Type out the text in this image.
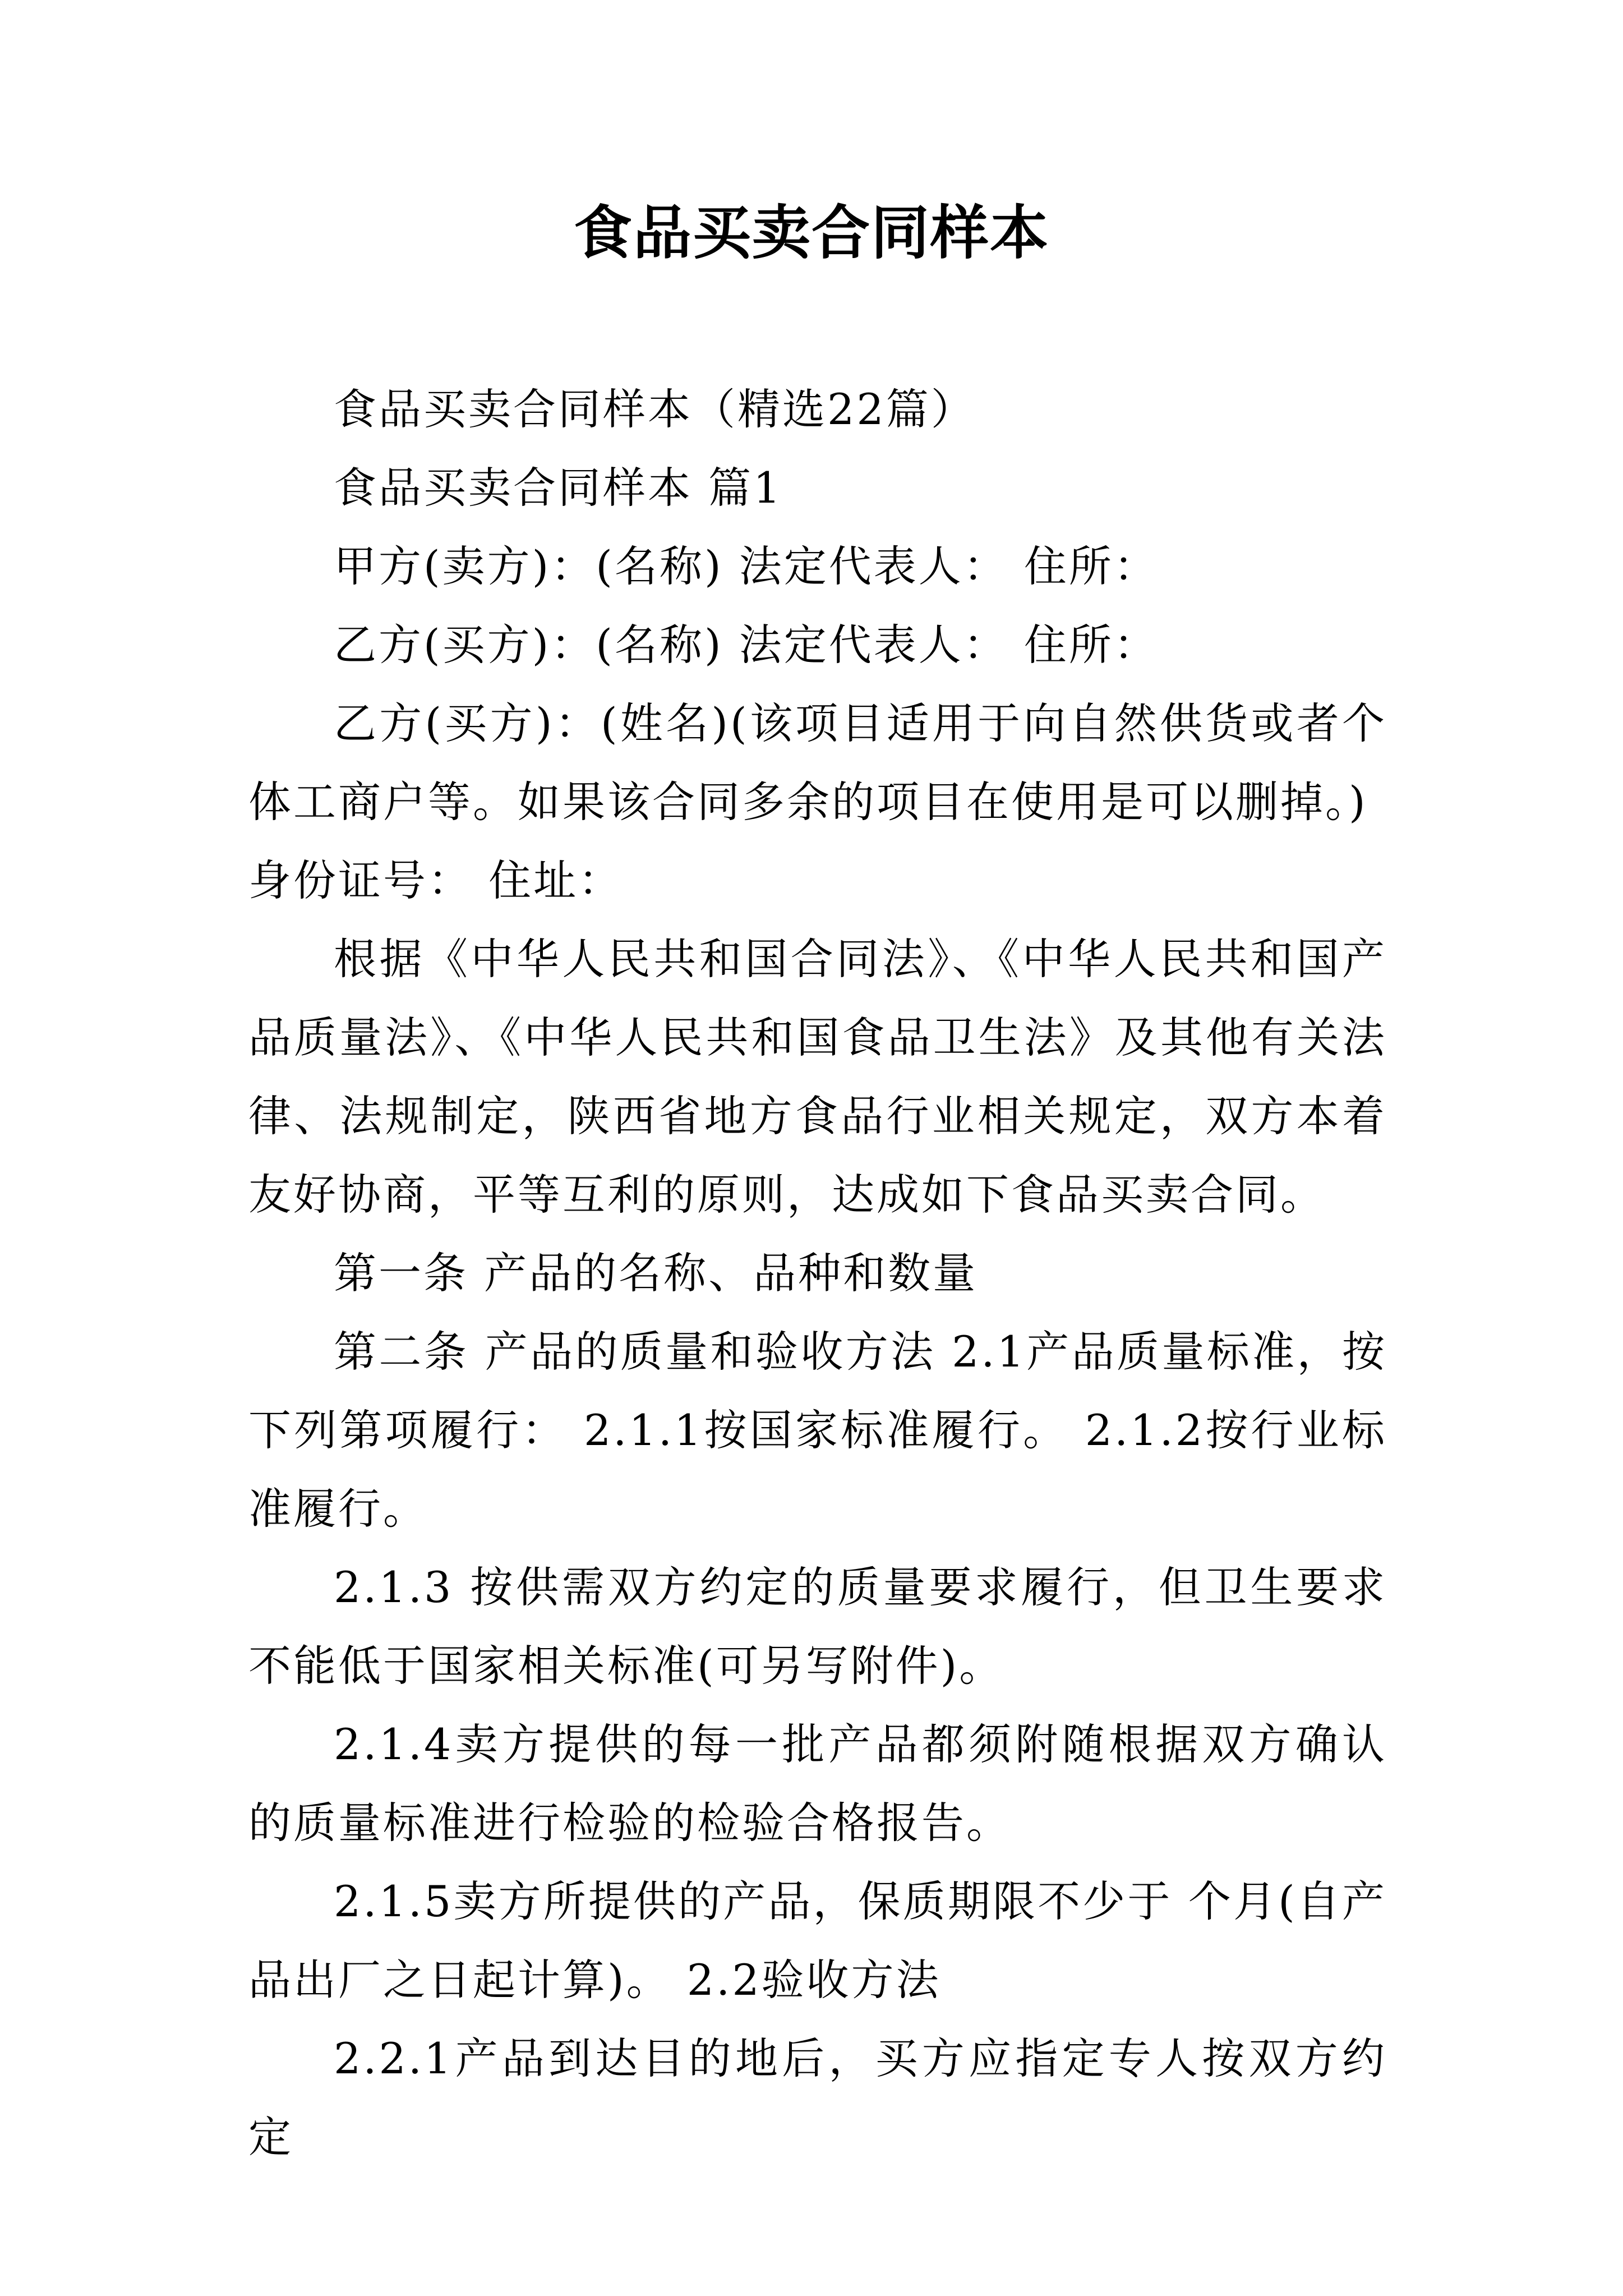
食品买卖合同样本

食品买卖合同样本（精选22篇）

食品买卖合同样本 篇1

甲方(卖方)：(名称) 法定代表人： 住所：

乙方(买方)：(名称) 法定代表人： 住所：

乙方(买方)：(姓名)(该项目适用于向自然供货或者个体工商户等。如果该合同多余的项目在使用是可以删掉。)

身份证号： 住址：

根据《中华人民共和国合同法》、《中华人民共和国产品质量法》、《中华人民共和国食品卫生法》及其他有关法律、法规制定，陕西省地方食品行业相关规定，双方本着友好协商，平等互利的原则，达成如下食品买卖合同。

第一条 产品的名称、品种和数量

第二条 产品的质量和验收方法 2.1产品质量标准，按下列第项履行： 2.1.1按国家标准履行。 2.1.2按行业标准履行。

2.1.3 按供需双方约定的质量要求履行，但卫生要求不能低于国家相关标准(可另写附件)。

2.1.4卖方提供的每一批产品都须附随根据双方确认的质量标准进行检验的检验合格报告。

2.1.5卖方所提供的产品，保质期限不少于 个月(自产品出厂之日起计算)。 2.2验收方法

2.2.1产品到达目的地后，买方应指定专人按双方约定
